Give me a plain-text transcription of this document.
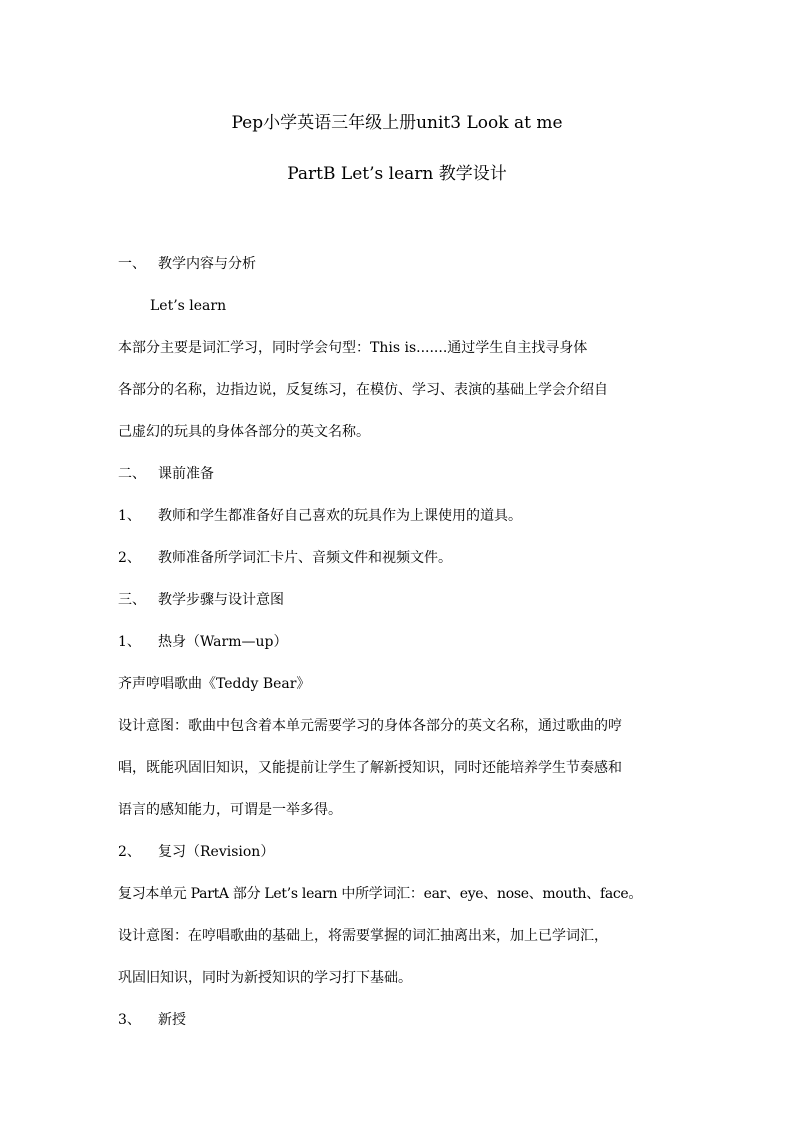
Pep小学英语三年级上册unit3 Look at me
PartB Let’s learn 教学设计
一、 教学内容与分析
Let’s learn
本部分主要是词汇学习，同时学会句型：This is.......通过学生自主找寻身体
各部分的名称，边指边说，反复练习，在模仿、学习、表演的基础上学会介绍自
己虚幻的玩具的身体各部分的英文名称。
二、 课前准备
1、 教师和学生都准备好自己喜欢的玩具作为上课使用的道具。
2、 教师准备所学词汇卡片、音频文件和视频文件。
三、 教学步骤与设计意图
1、 热身（Warm—up）
齐声哼唱歌曲《Teddy Bear》
设计意图：歌曲中包含着本单元需要学习的身体各部分的英文名称，通过歌曲的哼
唱，既能巩固旧知识，又能提前让学生了解新授知识，同时还能培养学生节奏感和
语言的感知能力，可谓是一举多得。
2、 复习（Revision）
复习本单元 PartA 部分 Let’s learn 中所学词汇：ear、eye、nose、mouth、face。
设计意图：在哼唱歌曲的基础上，将需要掌握的词汇抽离出来，加上已学词汇，
巩固旧知识，同时为新授知识的学习打下基础。
3、 新授
